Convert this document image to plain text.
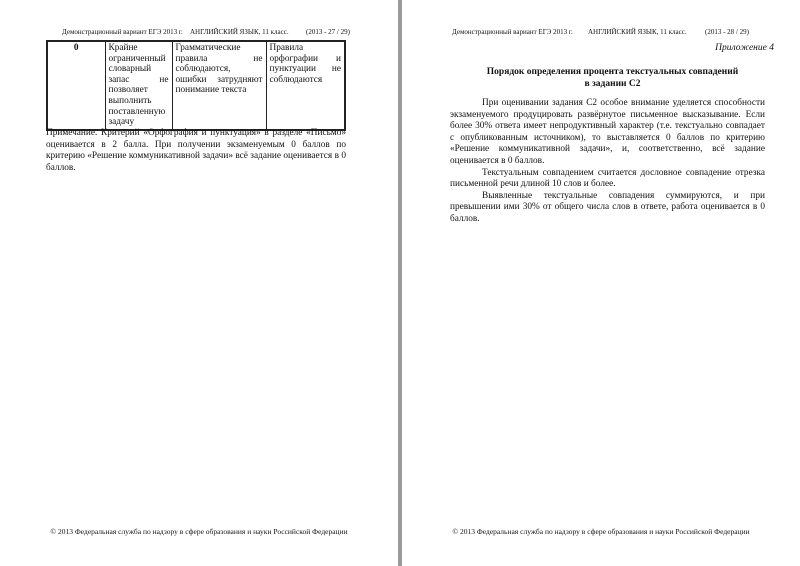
Демонстрационный вариант ЕГЭ 2013 г. АНГЛИЙСКИЙ ЯЗЫК, 11 класс. (2013 - 27 / 29)
0	Крайне ограниченный словарный запас не позволяет выполнить поставленную задачу	Грамматические правила не соблюдаются, ошибки затрудняют понимание текста	Правила орфографии и пунктуации не соблюдаются
Примечание. Критерий «Орфография и пунктуация» в разделе «Письмо» оценивается в 2 балла. При получении экзаменуемым 0 баллов по критерию «Решение коммуникативной задачи» всё задание оценивается в 0 баллов.
© 2013 Федеральная служба по надзору в сфере образования и науки Российской Федерации
Демонстрационный вариант ЕГЭ 2013 г. АНГЛИЙСКИЙ ЯЗЫК, 11 класс.	(2013 - 28 / 29)
Приложение 4
Порядок определения процента текстуальных совпадений
в задании С2

При оценивании задания С2 особое внимание уделяется способности экзаменуемого продуцировать развёрнутое письменное высказывание. Если более 30% ответа имеет непродуктивный характер (т.е. текстуально совпадает с опубликованным источником), то выставляется 0 баллов по критерию «Решение коммуникативной задачи», и, соответственно, всё задание оценивается в 0 баллов.

Текстуальным совпадением считается дословное совпадение отрезка письменной речи длиной 10 слов и более.

Выявленные текстуальные совпадения суммируются, и при превышении ими 30% от общего числа слов в ответе, работа оценивается в 0 баллов.

© 2013 Федеральная служба по надзору в сфере образования и науки Российской Федерации
